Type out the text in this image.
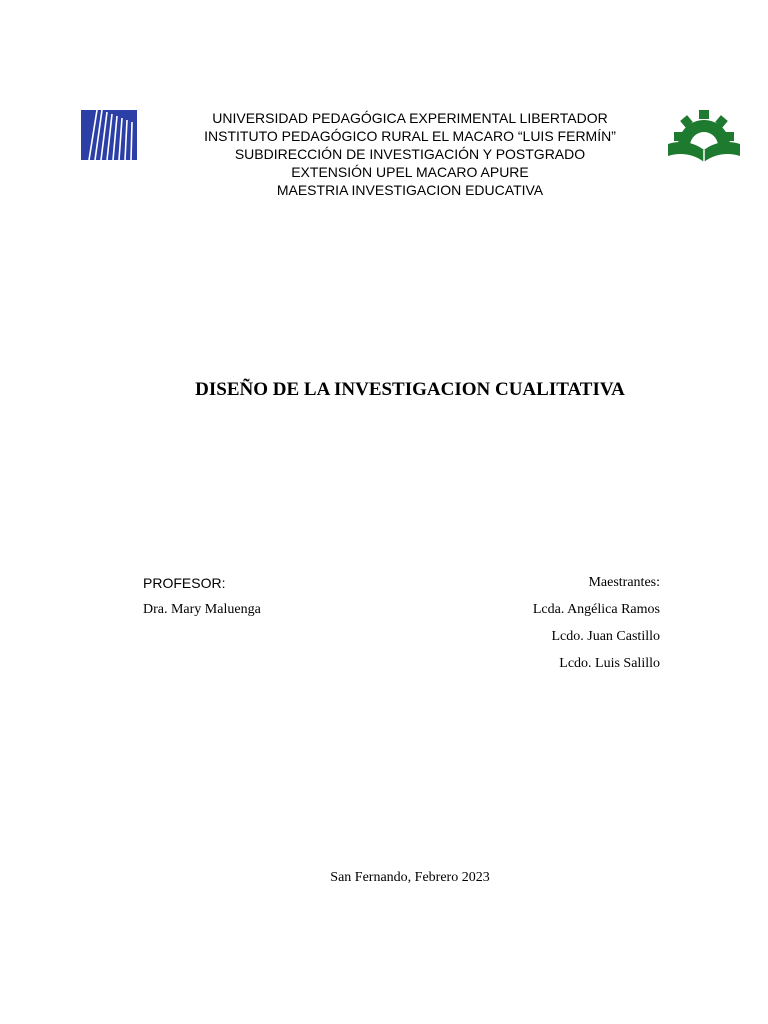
UNIVERSIDAD PEDAGÓGICA EXPERIMENTAL LIBERTADOR
INSTITUTO PEDAGÓGICO RURAL EL MACARO “LUIS FERMÍN”
SUBDIRECCIÓN DE INVESTIGACIÓN Y POSTGRADO
EXTENSIÓN UPEL MACARO APURE
MAESTRIA INVESTIGACION EDUCATIVA
DISEÑO DE LA INVESTIGACION CUALITATIVA
PROFESOR:
Dra. Mary Maluenga
Maestrantes:
Lcda. Angélica Ramos
Lcdo. Juan Castillo
Lcdo. Luis Salillo
San Fernando, Febrero 2023
